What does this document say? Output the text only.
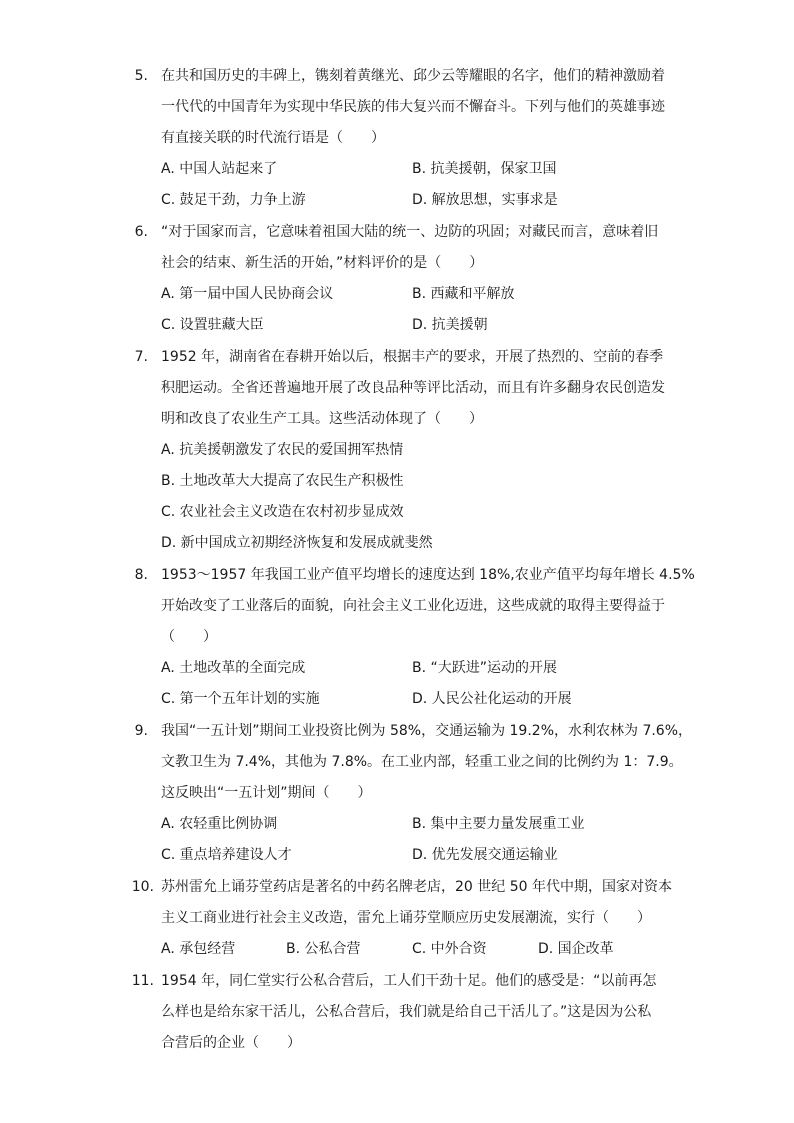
5. 在共和国历史的丰碑上，镌刻着黄继光、邱少云等耀眼的名字，他们的精神激励着
一代代的中国青年为实现中华民族的伟大复兴而不懈奋斗。下列与他们的英雄事迹
有直接关联的时代流行语是（　　）
A. 中国人站起来了	B. 抗美援朝，保家卫国
C. 鼓足干劲，力争上游	D. 解放思想，实事求是
6. “对于国家而言，它意味着祖国大陆的统一、边防的巩固；对藏民而言，意味着旧
社会的结束、新生活的开始，”材料评价的是（　　）
A. 第一届中国人民协商会议	B. 西藏和平解放
C. 设置驻藏大臣	D. 抗美援朝
7. 1952 年，湖南省在春耕开始以后，根据丰产的要求，开展了热烈的、空前的春季
积肥运动。全省还普遍地开展了改良品种等评比活动，而且有许多翻身农民创造发
明和改良了农业生产工具。这些活动体现了（　　）
A. 抗美援朝激发了农民的爱国拥军热情
B. 土地改革大大提高了农民生产积极性
C. 农业社会主义改造在农村初步显成效
D. 新中国成立初期经济恢复和发展成就斐然
8. 1953～1957 年我国工业产值平均增长的速度达到 18%,农业产值平均每年增长 4.5%
开始改变了工业落后的面貌，向社会主义工业化迈进，这些成就的取得主要得益于
（　　）
A. 土地改革的全面完成	B. “大跃进”运动的开展
C. 第一个五年计划的实施	D. 人民公社化运动的开展
9. 我国“一五计划”期间工业投资比例为 58%，交通运输为 19.2%，水利农林为 7.6%，
文教卫生为 7.4%，其他为 7.8%。在工业内部，轻重工业之间的比例约为 1：7.9。
这反映出“一五计划”期间（　　）
A. 农轻重比例协调	B. 集中主要力量发展重工业
C. 重点培养建设人才	D. 优先发展交通运输业
10. 苏州雷允上诵芬堂药店是著名的中药名牌老店，20 世纪 50 年代中期，国家对资本
主义工商业进行社会主义改造，雷允上诵芬堂顺应历史发展潮流，实行（　　）
A. 承包经营	B. 公私合营	C. 中外合资	D. 国企改革
11. 1954 年，同仁堂实行公私合营后，工人们干劲十足。他们的感受是：“以前再怎
么样也是给东家干活儿，公私合营后，我们就是给自己干活儿了。”这是因为公私
合营后的企业（　　）
